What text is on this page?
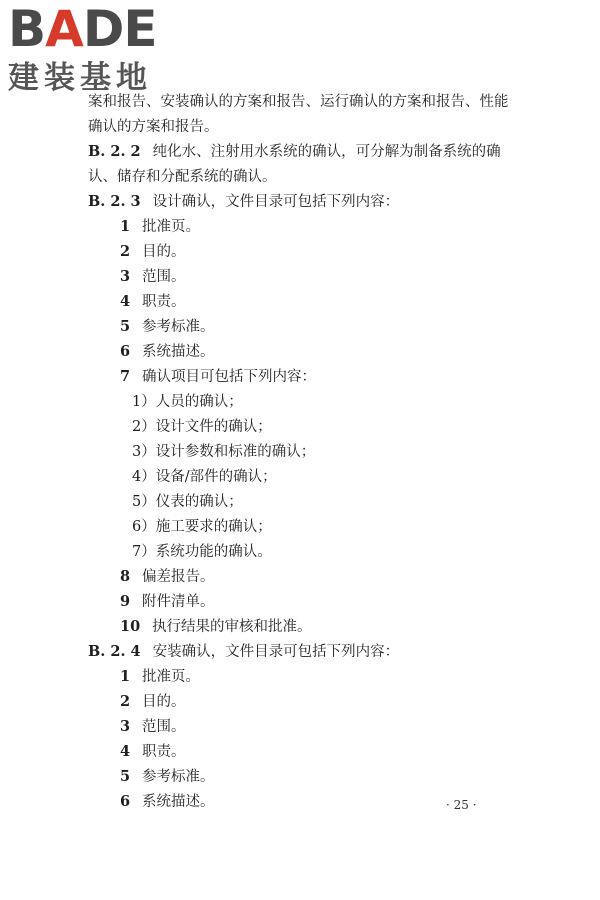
BADE
建装基地
案和报告、安装确认的方案和报告、运行确认的方案和报告、性能
确认的方案和报告。
B. 2. 2 纯化水、注射用水系统的确认，可分解为制备系统的确
认、储存和分配系统的确认。
B. 2. 3 设计确认，文件目录可包括下列内容：
1 批准页。
2 目的。
3 范围。
4 职责。
5 参考标准。
6 系统描述。
7 确认项目可包括下列内容：
1）人员的确认；
2）设计文件的确认；
3）设计参数和标准的确认；
4）设备/部件的确认；
5）仪表的确认；
6）施工要求的确认；
7）系统功能的确认。
8 偏差报告。
9 附件清单。
10 执行结果的审核和批准。
B. 2. 4 安装确认，文件目录可包括下列内容：
1 批准页。
2 目的。
3 范围。
4 职责。
5 参考标准。
6 系统描述。	· 25 ·
